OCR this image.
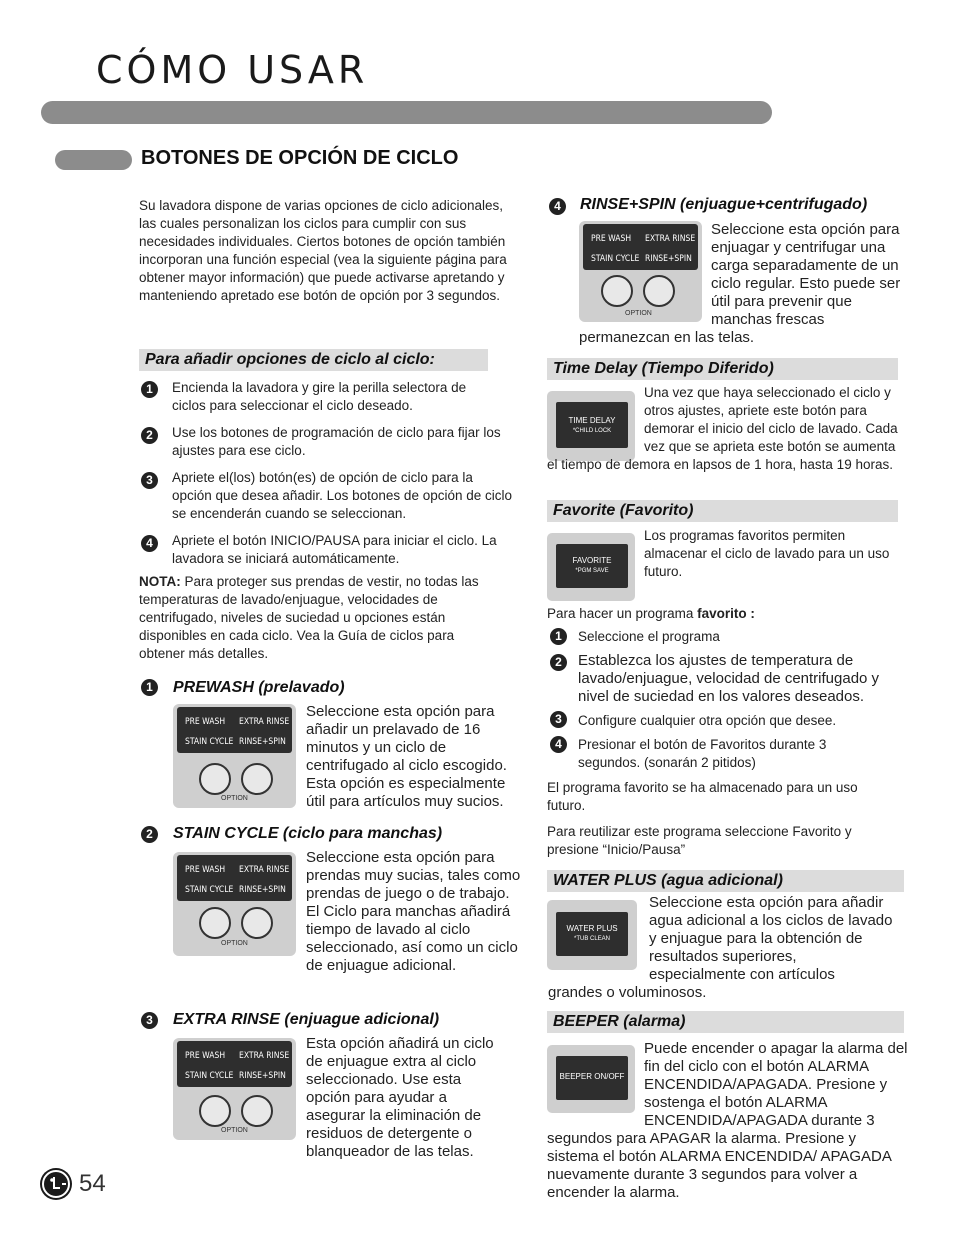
CÓMO USAR
BOTONES DE OPCIÓN DE CICLO
Su lavadora dispone de varias opciones de ciclo adicionales, las cuales personalizan los ciclos para cumplir con sus necesidades individuales. Ciertos botones de opción también incorporan una función especial (vea la siguiente página para obtener mayor información) que puede activarse apretando y manteniendo apretado ese botón de opción por 3 segundos.
Para añadir opciones de ciclo al ciclo:
1	Encienda la lavadora y gire la perilla selectora de ciclos para seleccionar el ciclo deseado.
2	Use los botones de programación de ciclo para fijar los ajustes para ese ciclo.
3	Apriete el(los) botón(es) de opción de ciclo para la opción que desea añadir. Los botones de opción de ciclo se encenderán cuando se seleccionan.
4	Apriete el botón INICIO/PAUSA para iniciar el ciclo. La lavadora se iniciará automáticamente.
NOTA: Para proteger sus prendas de vestir, no todas las temperaturas de lavado/enjuague, velocidades de centrifugado, niveles de suciedad u opciones están disponibles en cada ciclo. Vea la Guía de ciclos para obtener más detalles.
1	PREWASH (prelavado)
PRE WASH EXTRA RINSE
STAIN CYCLE RINSE+SPIN
OPTION
Seleccione esta opción para añadir un prelavado de 16 minutos y un ciclo de centrifugado al ciclo escogido. Esta opción es especialmente útil para artículos muy sucios.
2	STAIN CYCLE (ciclo para manchas)
PRE WASH EXTRA RINSE
STAIN CYCLE RINSE+SPIN
OPTION
Seleccione esta opción para prendas muy sucias, tales como prendas de juego o de trabajo. El Ciclo para manchas añadirá tiempo de lavado al ciclo seleccionado, así como un ciclo de enjuague adicional.
3	EXTRA RINSE (enjuague adicional)
PRE WASH EXTRA RINSE
STAIN CYCLE RINSE+SPIN
OPTION
Esta opción añadirá un ciclo de enjuague extra al ciclo seleccionado. Use esta opción para ayudar a asegurar la eliminación de residuos de detergente o blanqueador de las telas.
4	RINSE+SPIN (enjuague+centrifugado)
PRE WASH EXTRA RINSE
STAIN CYCLE RINSE+SPIN
OPTION
Seleccione esta opción para enjuagar y centrifugar una carga separadamente de un ciclo regular. Esto puede ser útil para prevenir que manchas frescas permanezcan en las telas.
Time Delay (Tiempo Diferido)
TIME DELAY
*CHILD LOCK
Una vez que haya seleccionado el ciclo y otros ajustes, apriete este botón para demorar el inicio del ciclo de lavado. Cada vez que se aprieta este botón se aumenta el tiempo de demora en lapsos de 1 hora, hasta 19 horas.
Favorite (Favorito)
FAVORITE
*PGM SAVE
Los programas favoritos permiten almacenar el ciclo de lavado para un uso futuro.
Para hacer un programa favorito :
1	Seleccione el programa
2	Establezca los ajustes de temperatura de lavado/enjuague, velocidad de centrifugado y nivel de suciedad en los valores deseados.
3	Configure cualquier otra opción que desee.
4	Presionar el botón de Favoritos durante 3 segundos. (sonarán 2 pitidos)
El programa favorito se ha almacenado para un uso futuro.
Para reutilizar este programa seleccione Favorito y presione “Inicio/Pausa”
WATER PLUS (agua adicional)
WATER PLUS
*TUB CLEAN
Seleccione esta opción para añadir agua adicional a los ciclos de lavado y enjuague para la obtención de resultados superiores, especialmente con artículos grandes o voluminosos.
BEEPER (alarma)
BEEPER ON/OFF
Puede encender o apagar la alarma del fin del ciclo con el botón ALARMA ENCENDIDA/APAGADA. Presione y sostenga el botón ALARMA ENCENDIDA/APAGADA durante 3 segundos para APAGAR la alarma. Presione y sistema el botón ALARMA ENCENDIDA/ APAGADA nuevamente durante 3 segundos para volver a encender la alarma.
54
